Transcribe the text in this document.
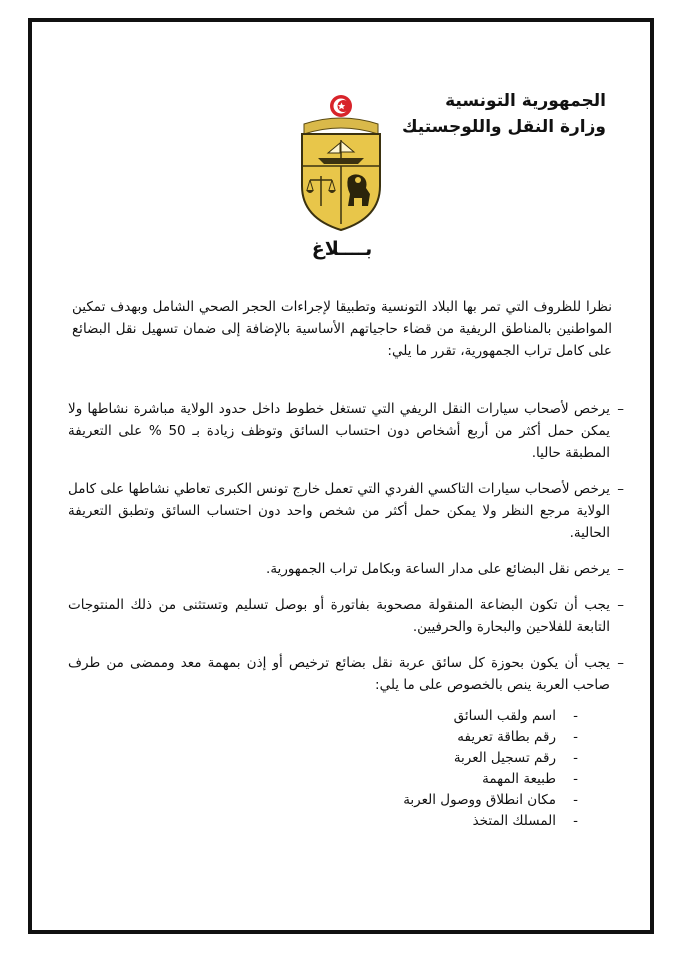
الجمهورية التونسية
وزارة النقل واللوجستيك
بــــلاغ
نظرا للظروف التي تمر بها البلاد التونسية وتطبيقا لإجراءات الحجر الصحي الشامل وبهدف تمكين المواطنين بالمناطق الريفية من قضاء حاجياتهم الأساسية بالإضافة إلى ضمان تسهيل نقل البضائع على كامل تراب الجمهورية، تقرر ما يلي:
– يرخص لأصحاب سيارات النقل الريفي التي تستغل خطوط داخل حدود الولاية مباشرة نشاطها ولا يمكن حمل أكثر من أربع أشخاص دون احتساب السائق وتوظف زيادة بـ 50 % على التعريفة المطبقة حاليا.
– يرخص لأصحاب سيارات التاكسي الفردي التي تعمل خارج تونس الكبرى تعاطي نشاطها على كامل الولاية مرجع النظر ولا يمكن حمل أكثر من شخص واحد دون احتساب السائق وتطبق التعريفة الحالية.
– يرخص نقل البضائع على مدار الساعة وبكامل تراب الجمهورية.
– يجب أن تكون البضاعة المنقولة مصحوبة بفاتورة أو بوصل تسليم وتستثنى من ذلك المنتوجات التابعة للفلاحين والبحارة والحرفيين.
– يجب أن يكون بحوزة كل سائق عربة نقل بضائع ترخيص أو إذن بمهمة معد وممضى من طرف صاحب العربة ينص بالخصوص على ما يلي:
- اسم ولقب السائق
- رقم بطاقة تعريفه
- رقم تسجيل العربة
- طبيعة المهمة
- مكان انطلاق ووصول العربة
- المسلك المتخذ
